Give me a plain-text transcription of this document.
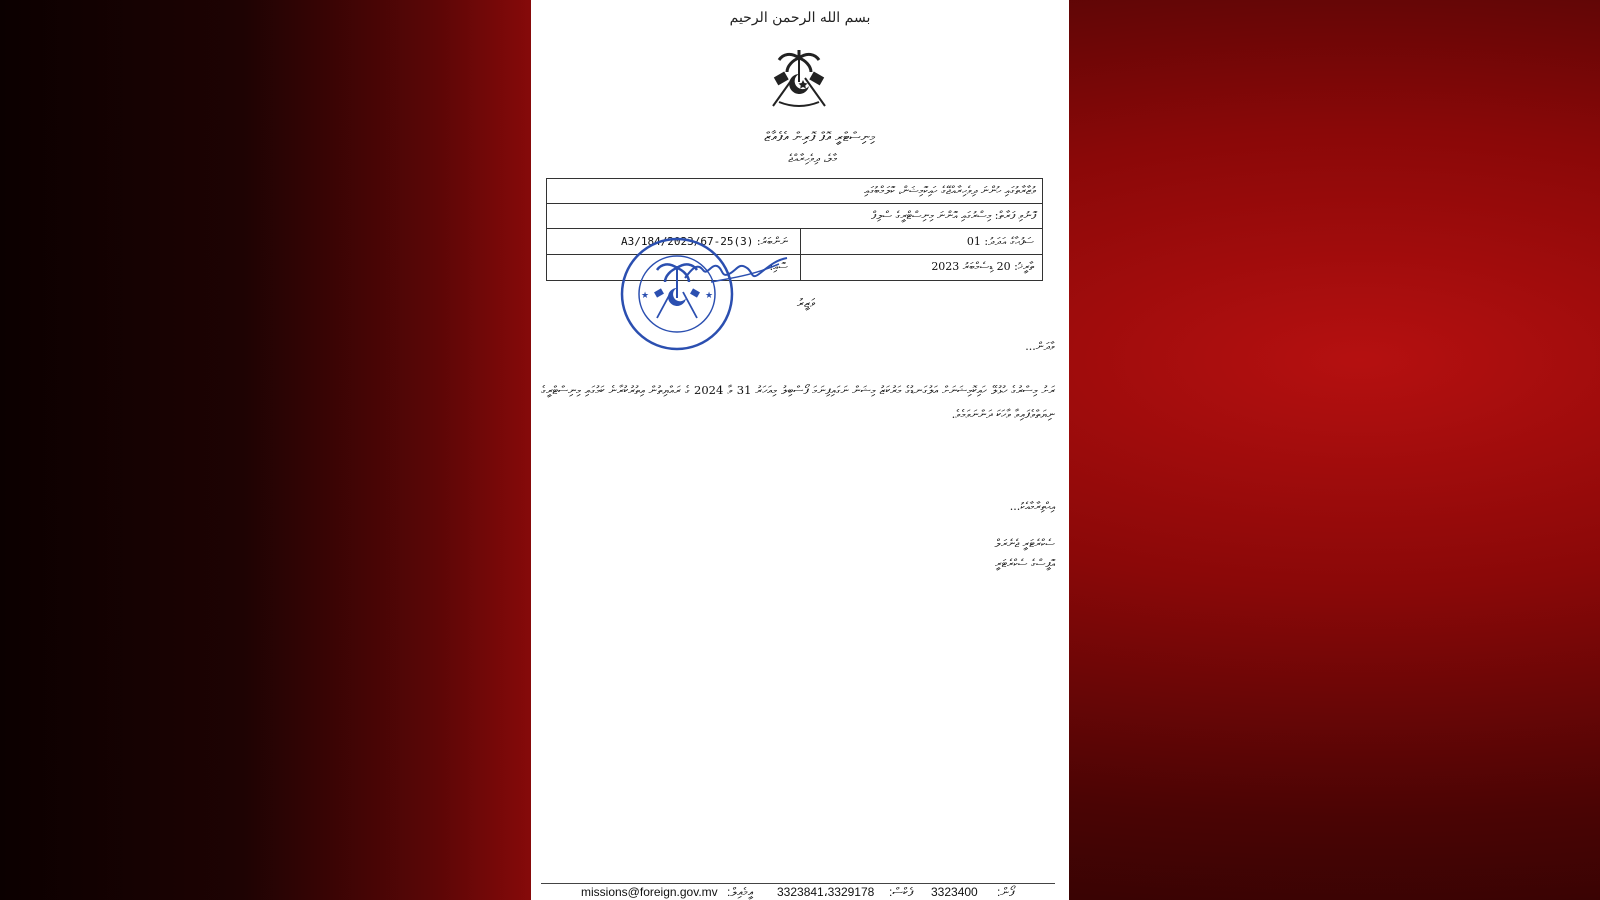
بسم الله الرحمن الرحيم
މިނިސްޓްރީ އޮފް ފޮރިން އެފެއާޒް
މާލެ، ދިވެހިރާއްޖެ
ވުޒާރާތުގައި ހުންނަ ދިވެހިރާއްޖޭގެ ހައިކޮމިޝަން، ކޮލަމްބުގައި
ފޮނުވި ފަރާތް: މިސްރުގައި އޮންނަ މިނިސްޓްރީގެ ސްލިފް
ސަފުޙާގެ އަދަދު: 01
ނަންބަރު: (3)25-A3/184/2023/67
ތާރީޚު: 20 ޑިސެމްބަރު 2023
ސޮއި:
★	★	ވަޒީރު
ވާދަން...
ރަށު މިސްރުގެ ހުޅުލޭ ހައިކޮމިޝަނަށް އަލުގަނޑުގެ މަރުކަޒު މިޝަން ނަގައިފިނަމަ ފޯސްބިލު މިއަހަރު 31 ވާ 2024 ގެ ރައްޔިތުން އިތުރުކުރާނެ ކަމުގައި މިނިސްޓްރީގެ ނިޔަތްވެފައިވާ ވާހަކަ ދަންނަވަމެވެ.
އިޙްތިރާމާއެކު...
ސެކްރެޓަރީ ޖެނެރަލް
އޮފީސްގެ ސެކްރެޓަރީ
missions@foreign.gov.mv އީމެއިލް: 3323841،3329178 ފެކްސް: 3323400 ފޯން:
